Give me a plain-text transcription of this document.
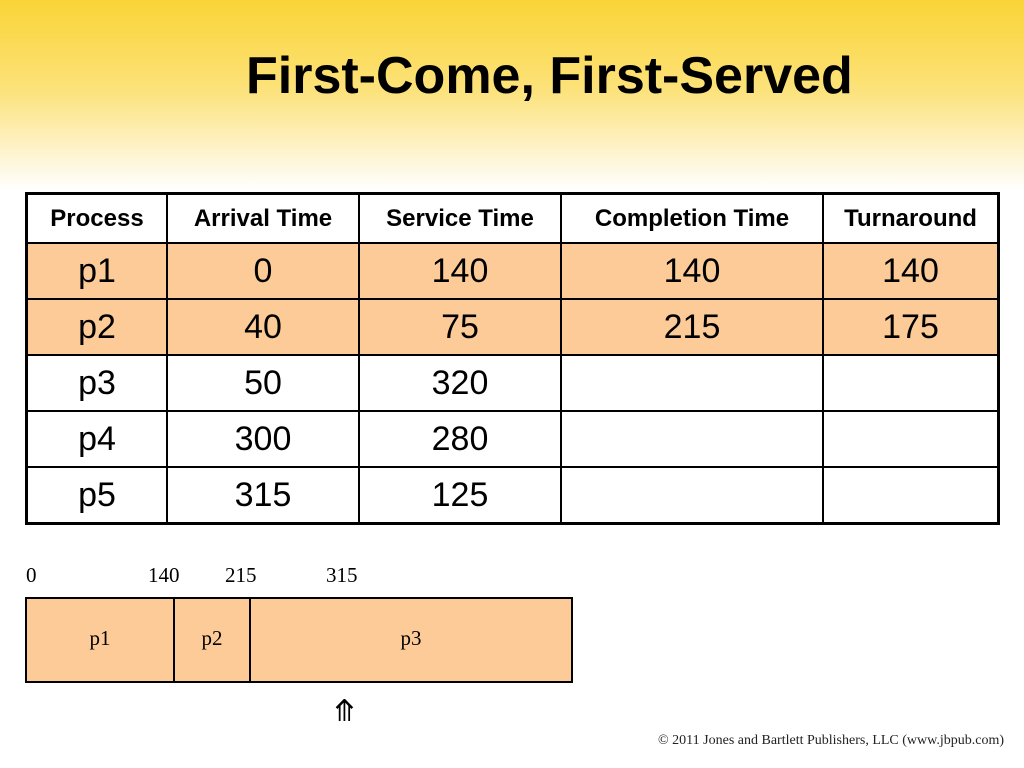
First-Come, First-Served
Process	Arrival Time	Service Time	Completion Time	Turnaround
p1	0	140	140	140
p2	40	75	215	175
p3	50	320		
p4	300	280		
p5	315	125		
0	140 215	315
p1	p2	p3
⤊
© 2011 Jones and Bartlett Publishers, LLC (www.jbpub.com)
